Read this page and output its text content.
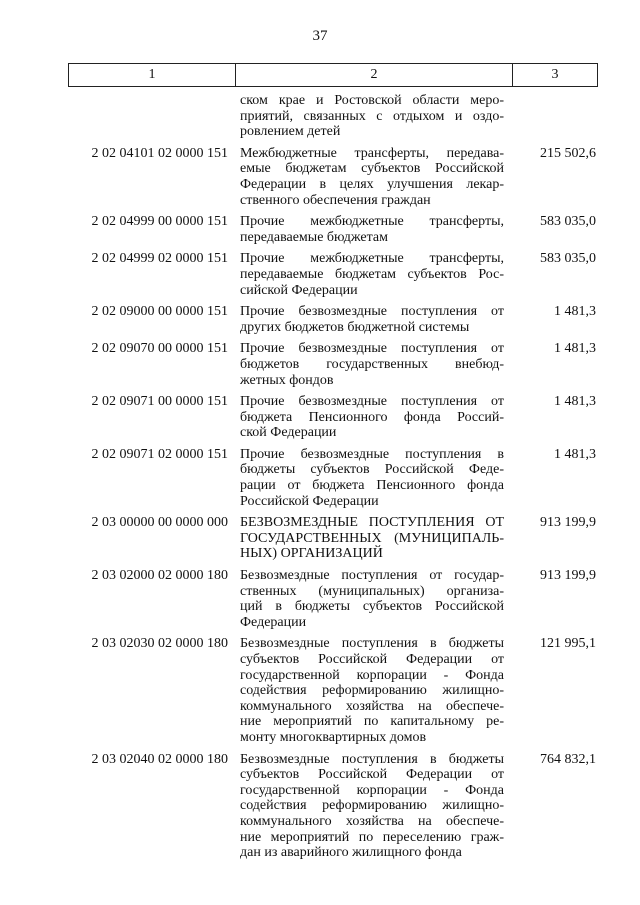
37
1	2	3
ском крае и Ростовской области меро-
приятий, связанных с отдыхом и оздо-
ровлением детей
2 02 04101 02 0000 151 Межбюджетные трансферты, передава-
емые бюджетам субъектов Российской
Федерации в целях улучшения лекар-
ственного обеспечения граждан
215 502,6
2 02 04999 00 0000 151 Прочие межбюджетные трансферты,
передаваемые бюджетам
583 035,0
2 02 04999 02 0000 151 Прочие межбюджетные трансферты,
передаваемые бюджетам субъектов Рос-
сийской Федерации
583 035,0
2 02 09000 00 0000 151 Прочие безвозмездные поступления от
других бюджетов бюджетной системы
1 481,3
2 02 09070 00 0000 151 Прочие безвозмездные поступления от
бюджетов государственных внебюд-
жетных фондов
1 481,3
2 02 09071 00 0000 151 Прочие безвозмездные поступления от
бюджета Пенсионного фонда Россий-
ской Федерации
1 481,3
2 02 09071 02 0000 151 Прочие безвозмездные поступления в
бюджеты субъектов Российской Феде-
рации от бюджета Пенсионного фонда
Российской Федерации
1 481,3
2 03 00000 00 0000 000 БЕЗВОЗМЕЗДНЫЕ ПОСТУПЛЕНИЯ ОТ
ГОСУДАРСТВЕННЫХ (МУНИЦИПАЛЬ-
НЫХ) ОРГАНИЗАЦИЙ
913 199,9
2 03 02000 02 0000 180 Безвозмездные поступления от государ-
ственных (муниципальных) организа-
ций в бюджеты субъектов Российской
Федерации
913 199,9
2 03 02030 02 0000 180 Безвозмездные поступления в бюджеты
субъектов Российской Федерации от
государственной корпорации - Фонда
содействия реформированию жилищно-
коммунального хозяйства на обеспече-
ние мероприятий по капитальному ре-
монту многоквартирных домов
121 995,1
2 03 02040 02 0000 180 Безвозмездные поступления в бюджеты
субъектов Российской Федерации от
государственной корпорации - Фонда
содействия реформированию жилищно-
коммунального хозяйства на обеспече-
ние мероприятий по переселению граж-
дан из аварийного жилищного фонда
764 832,1
